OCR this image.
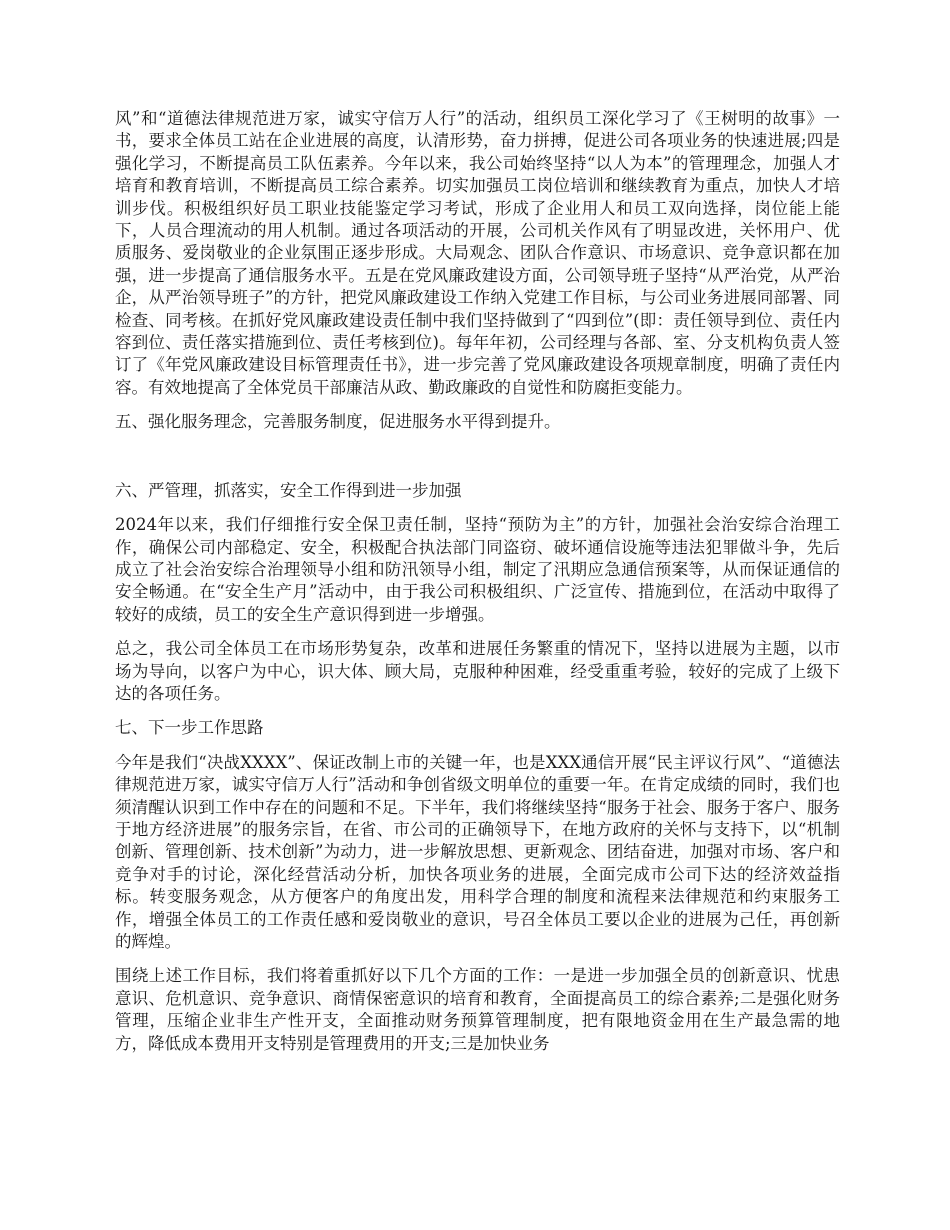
风”和“道德法律规范进万家，诚实守信万人行”的活动，组织员工深化学习了《王树明的故事》一书，要求全体员工站在企业进展的高度，认清形势，奋力拼搏，促进公司各项业务的快速进展;四是强化学习，不断提高员工队伍素养。今年以来，我公司始终坚持“以人为本”的管理理念，加强人才培育和教育培训，不断提高员工综合素养。切实加强员工岗位培训和继续教育为重点，加快人才培训步伐。积极组织好员工职业技能鉴定学习考试，形成了企业用人和员工双向选择，岗位能上能下，人员合理流动的用人机制。通过各项活动的开展，公司机关作风有了明显改进，关怀用户、优质服务、爱岗敬业的企业氛围正逐步形成。大局观念、团队合作意识、市场意识、竞争意识都在加强，进一步提高了通信服务水平。五是在党风廉政建设方面，公司领导班子坚持“从严治党，从严治企，从严治领导班子”的方针，把党风廉政建设工作纳入党建工作目标，与公司业务进展同部署、同检查、同考核。在抓好党风廉政建设责任制中我们坚持做到了“四到位”(即：责任领导到位、责任内容到位、责任落实措施到位、责任考核到位)。每年年初，公司经理与各部、室、分支机构负责人签订了《年党风廉政建设目标管理责任书》，进一步完善了党风廉政建设各项规章制度，明确了责任内容。有效地提高了全体党员干部廉洁从政、勤政廉政的自觉性和防腐拒变能力。

五、强化服务理念，完善服务制度，促进服务水平得到提升。

六、严管理，抓落实，安全工作得到进一步加强

2024年以来，我们仔细推行安全保卫责任制，坚持“预防为主”的方针，加强社会治安综合治理工作，确保公司内部稳定、安全，积极配合执法部门同盗窃、破坏通信设施等违法犯罪做斗争，先后成立了社会治安综合治理领导小组和防汛领导小组，制定了汛期应急通信预案等，从而保证通信的安全畅通。在“安全生产月”活动中，由于我公司积极组织、广泛宣传、措施到位，在活动中取得了较好的成绩，员工的安全生产意识得到进一步增强。

总之，我公司全体员工在市场形势复杂，改革和进展任务繁重的情况下，坚持以进展为主题，以市场为导向，以客户为中心，识大体、顾大局，克服种种困难，经受重重考验，较好的完成了上级下达的各项任务。

七、下一步工作思路

今年是我们“决战XXXX”、保证改制上市的关键一年，也是XXX通信开展“民主评议行风”、“道德法律规范进万家，诚实守信万人行”活动和争创省级文明单位的重要一年。在肯定成绩的同时，我们也须清醒认识到工作中存在的问题和不足。下半年，我们将继续坚持“服务于社会、服务于客户、服务于地方经济进展”的服务宗旨，在省、市公司的正确领导下，在地方政府的关怀与支持下，以“机制创新、管理创新、技术创新”为动力，进一步解放思想、更新观念、团结奋进，加强对市场、客户和竞争对手的讨论，深化经营活动分析，加快各项业务的进展，全面完成市公司下达的经济效益指标。转变服务观念，从方便客户的角度出发，用科学合理的制度和流程来法律规范和约束服务工作，增强全体员工的工作责任感和爱岗敬业的意识，号召全体员工要以企业的进展为己任，再创新的辉煌。

围绕上述工作目标，我们将着重抓好以下几个方面的工作：一是进一步加强全员的创新意识、忧患意识、危机意识、竞争意识、商情保密意识的培育和教育，全面提高员工的综合素养;二是强化财务管理，压缩企业非生产性开支，全面推动财务预算管理制度，把有限地资金用在生产最急需的地方，降低成本费用开支特别是管理费用的开支;三是加快业务
